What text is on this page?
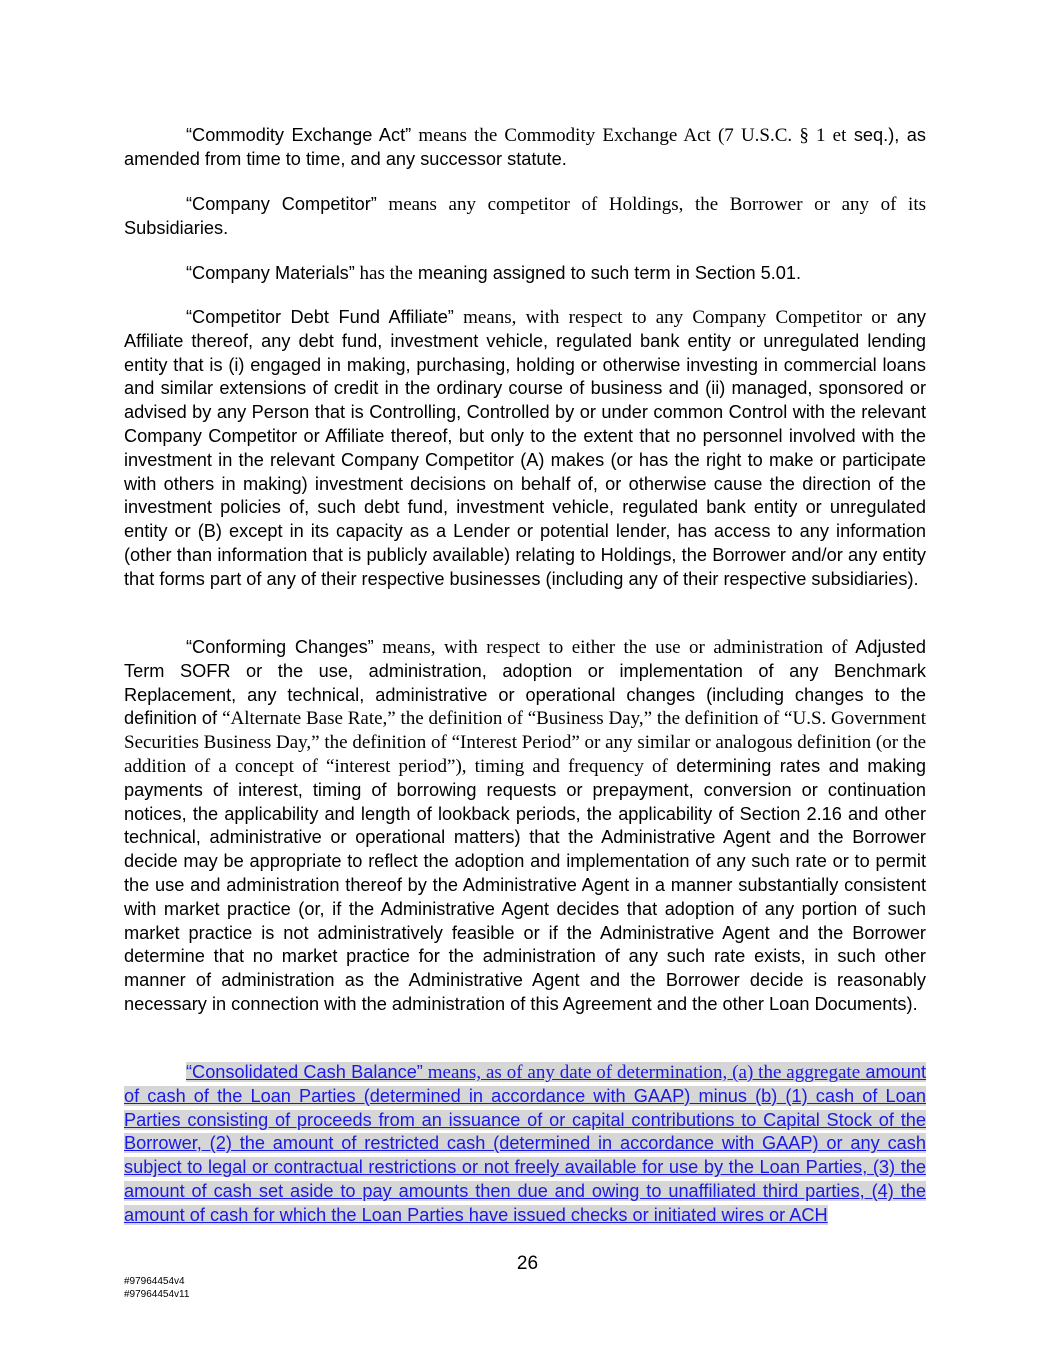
“Commodity Exchange Act” means the Commodity Exchange Act (7 U.S.C. § 1 et seq.), as amended from time to time, and any successor statute.
“Company Competitor” means any competitor of Holdings, the Borrower or any of its Subsidiaries.
“Company Materials” has the meaning assigned to such term in Section 5.01.
“Competitor Debt Fund Affiliate” means, with respect to any Company Competitor or any Affiliate thereof, any debt fund, investment vehicle, regulated bank entity or unregulated lending entity that is (i) engaged in making, purchasing, holding or otherwise investing in commercial loans and similar extensions of credit in the ordinary course of business and (ii) managed, sponsored or advised by any Person that is Controlling, Controlled by or under common Control with the relevant Company Competitor or Affiliate thereof, but only to the extent that no personnel involved with the investment in the relevant Company Competitor (A) makes (or has the right to make or participate with others in making) investment decisions on behalf of, or otherwise cause the direction of the investment policies of, such debt fund, investment vehicle, regulated bank entity or unregulated entity or (B) except in its capacity as a Lender or potential lender, has access to any information (other than information that is publicly available) relating to Holdings, the Borrower and/or any entity that forms part of any of their respective businesses (including any of their respective subsidiaries).
“Conforming Changes” means, with respect to either the use or administration of Adjusted Term SOFR or the use, administration, adoption or implementation of any Benchmark Replacement, any technical, administrative or operational changes (including changes to the definition of “Alternate Base Rate,” the definition of “Business Day,” the definition of “U.S. Government Securities Business Day,” the definition of “Interest Period” or any similar or analogous definition (or the addition of a concept of “interest period”), timing and frequency of determining rates and making payments of interest, timing of borrowing requests or prepayment, conversion or continuation notices, the applicability and length of lookback periods, the applicability of Section 2.16 and other technical, administrative or operational matters) that the Administrative Agent and the Borrower decide may be appropriate to reflect the adoption and implementation of any such rate or to permit the use and administration thereof by the Administrative Agent in a manner substantially consistent with market practice (or, if the Administrative Agent decides that adoption of any portion of such market practice is not administratively feasible or if the Administrative Agent and the Borrower determine that no market practice for the administration of any such rate exists, in such other manner of administration as the Administrative Agent and the Borrower decide is reasonably necessary in connection with the administration of this Agreement and the other Loan Documents).
“Consolidated Cash Balance” means, as of any date of determination, (a) the aggregate amount of cash of the Loan Parties (determined in accordance with GAAP) minus (b) (1) cash of Loan Parties consisting of proceeds from an issuance of or capital contributions to Capital Stock of the Borrower, (2) the amount of restricted cash (determined in accordance with GAAP) or any cash subject to legal or contractual restrictions or not freely available for use by the Loan Parties, (3) the amount of cash set aside to pay amounts then due and owing to unaffiliated third parties, (4) the amount of cash for which the Loan Parties have issued checks or initiated wires or ACH
26
#97964454v4
#97964454v11
